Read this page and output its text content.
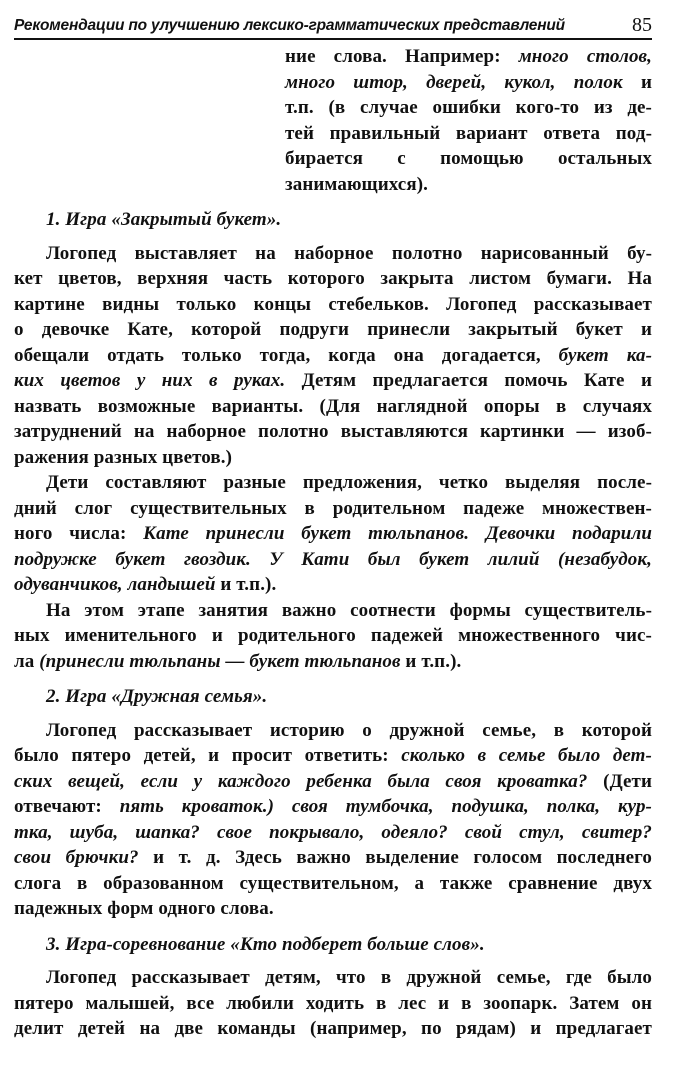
Рекомендации по улучшению лексико-грамматических представлений	85
ние слова. Например: много столов,
много штор, дверей, кукол, полок и
т.п. (в случае ошибки кого-то из де-
тей правильный вариант ответа под-
бирается с помощью остальных
занимающихся).
1. Игра «Закрытый букет».
Логопед выставляет на наборное полотно нарисованный бу-
кет цветов, верхняя часть которого закрыта листом бумаги. На
картине видны только концы стебельков. Логопед рассказывает
о девочке Кате, которой подруги принесли закрытый букет и
обещали отдать только тогда, когда она догадается, букет ка-
ких цветов у них в руках. Детям предлагается помочь Кате и
назвать возможные варианты. (Для наглядной опоры в случаях
затруднений на наборное полотно выставляются картинки — изоб-
ражения разных цветов.)
Дети составляют разные предложения, четко выделяя после-
дний слог существительных в родительном падеже множествен-
ного числа: Кате принесли букет тюльпанов. Девочки подарили
подружке букет гвоздик. У Кати был букет лилий (незабудок,
одуванчиков, ландышей и т.п.).
На этом этапе занятия важно соотнести формы существитель-
ных именительного и родительного падежей множественного чис-
ла (принесли тюльпаны — букет тюльпанов и т.п.).
2. Игра «Дружная семья».
Логопед рассказывает историю о дружной семье, в которой
было пятеро детей, и просит ответить: сколько в семье было дет-
ских вещей, если у каждого ребенка была своя кроватка? (Дети
отвечают: пять кроваток.) своя тумбочка, подушка, полка, кур-
тка, шуба, шапка? свое покрывало, одеяло? свой стул, свитер?
свои брючки? и т. д. Здесь важно выделение голосом последнего
слога в образованном существительном, а также сравнение двух
падежных форм одного слова.
3. Игра-соревнование «Кто подберет больше слов».
Логопед рассказывает детям, что в дружной семье, где было
пятеро малышей, все любили ходить в лес и в зоопарк. Затем он
делит детей на две команды (например, по рядам) и предлагает
